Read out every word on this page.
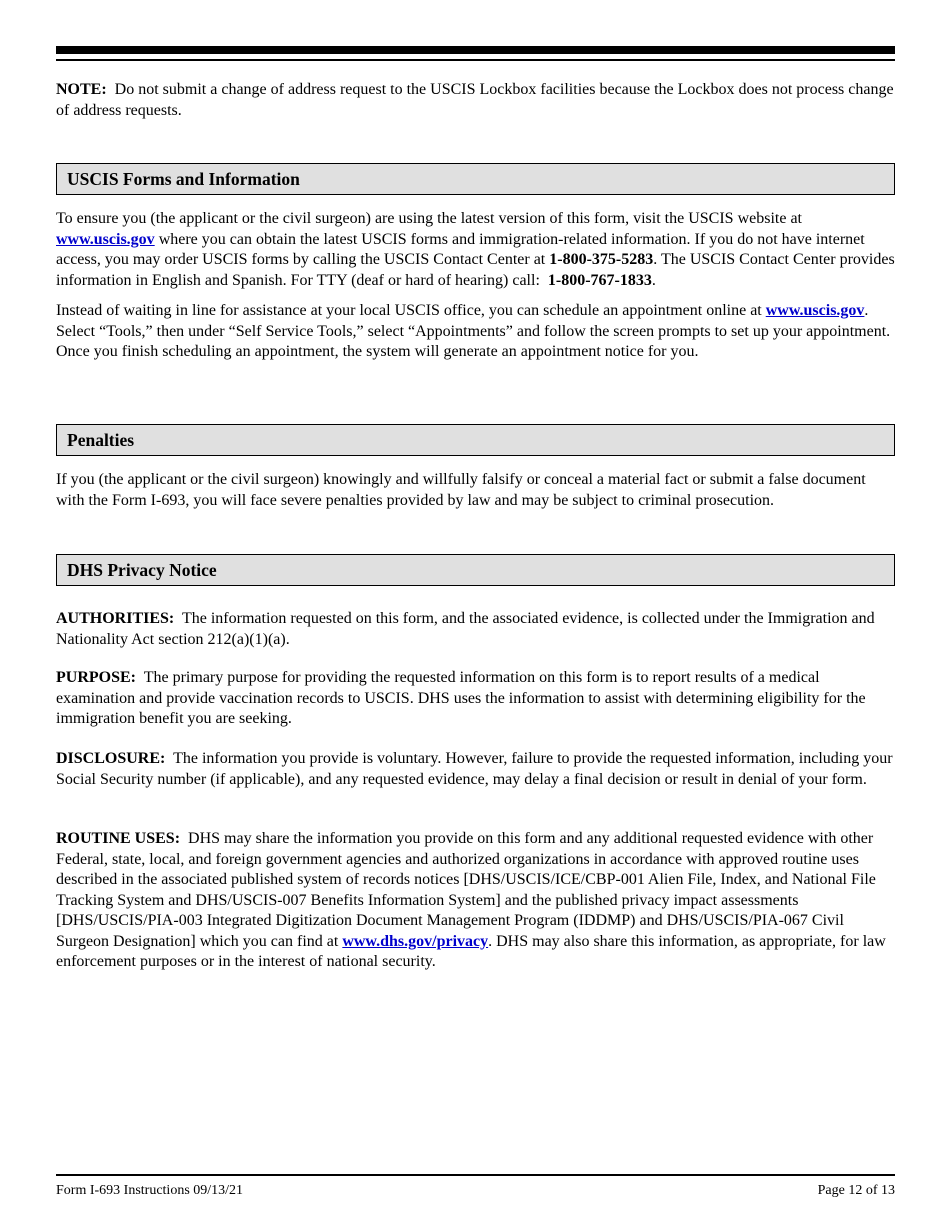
NOTE: Do not submit a change of address request to the USCIS Lockbox facilities because the Lockbox does not process change of address requests.

USCIS Forms and Information

To ensure you (the applicant or the civil surgeon) are using the latest version of this form, visit the USCIS website at www.uscis.gov where you can obtain the latest USCIS forms and immigration-related information. If you do not have internet access, you may order USCIS forms by calling the USCIS Contact Center at 1-800-375-5283. The USCIS Contact Center provides information in English and Spanish. For TTY (deaf or hard of hearing) call: 1-800-767-1833.

Instead of waiting in line for assistance at your local USCIS office, you can schedule an appointment online at www.uscis.gov. Select “Tools,” then under “Self Service Tools,” select “Appointments” and follow the screen prompts to set up your appointment. Once you finish scheduling an appointment, the system will generate an appointment notice for you.

Penalties

If you (the applicant or the civil surgeon) knowingly and willfully falsify or conceal a material fact or submit a false document with the Form I-693, you will face severe penalties provided by law and may be subject to criminal prosecution.

DHS Privacy Notice

AUTHORITIES: The information requested on this form, and the associated evidence, is collected under the Immigration and Nationality Act section 212(a)(1)(a).

PURPOSE: The primary purpose for providing the requested information on this form is to report results of a medical examination and provide vaccination records to USCIS. DHS uses the information to assist with determining eligibility for the immigration benefit you are seeking.

DISCLOSURE: The information you provide is voluntary. However, failure to provide the requested information, including your Social Security number (if applicable), and any requested evidence, may delay a final decision or result in denial of your form.

ROUTINE USES: DHS may share the information you provide on this form and any additional requested evidence with other Federal, state, local, and foreign government agencies and authorized organizations in accordance with approved routine uses described in the associated published system of records notices [DHS/USCIS/ICE/CBP-001 Alien File, Index, and National File Tracking System and DHS/USCIS-007 Benefits Information System] and the published privacy impact assessments [DHS/USCIS/PIA-003 Integrated Digitization Document Management Program (IDDMP) and DHS/USCIS/PIA-067 Civil Surgeon Designation] which you can find at www.dhs.gov/privacy. DHS may also share this information, as appropriate, for law enforcement purposes or in the interest of national security.

Form I-693 Instructions 09/13/21	Page 12 of 13
